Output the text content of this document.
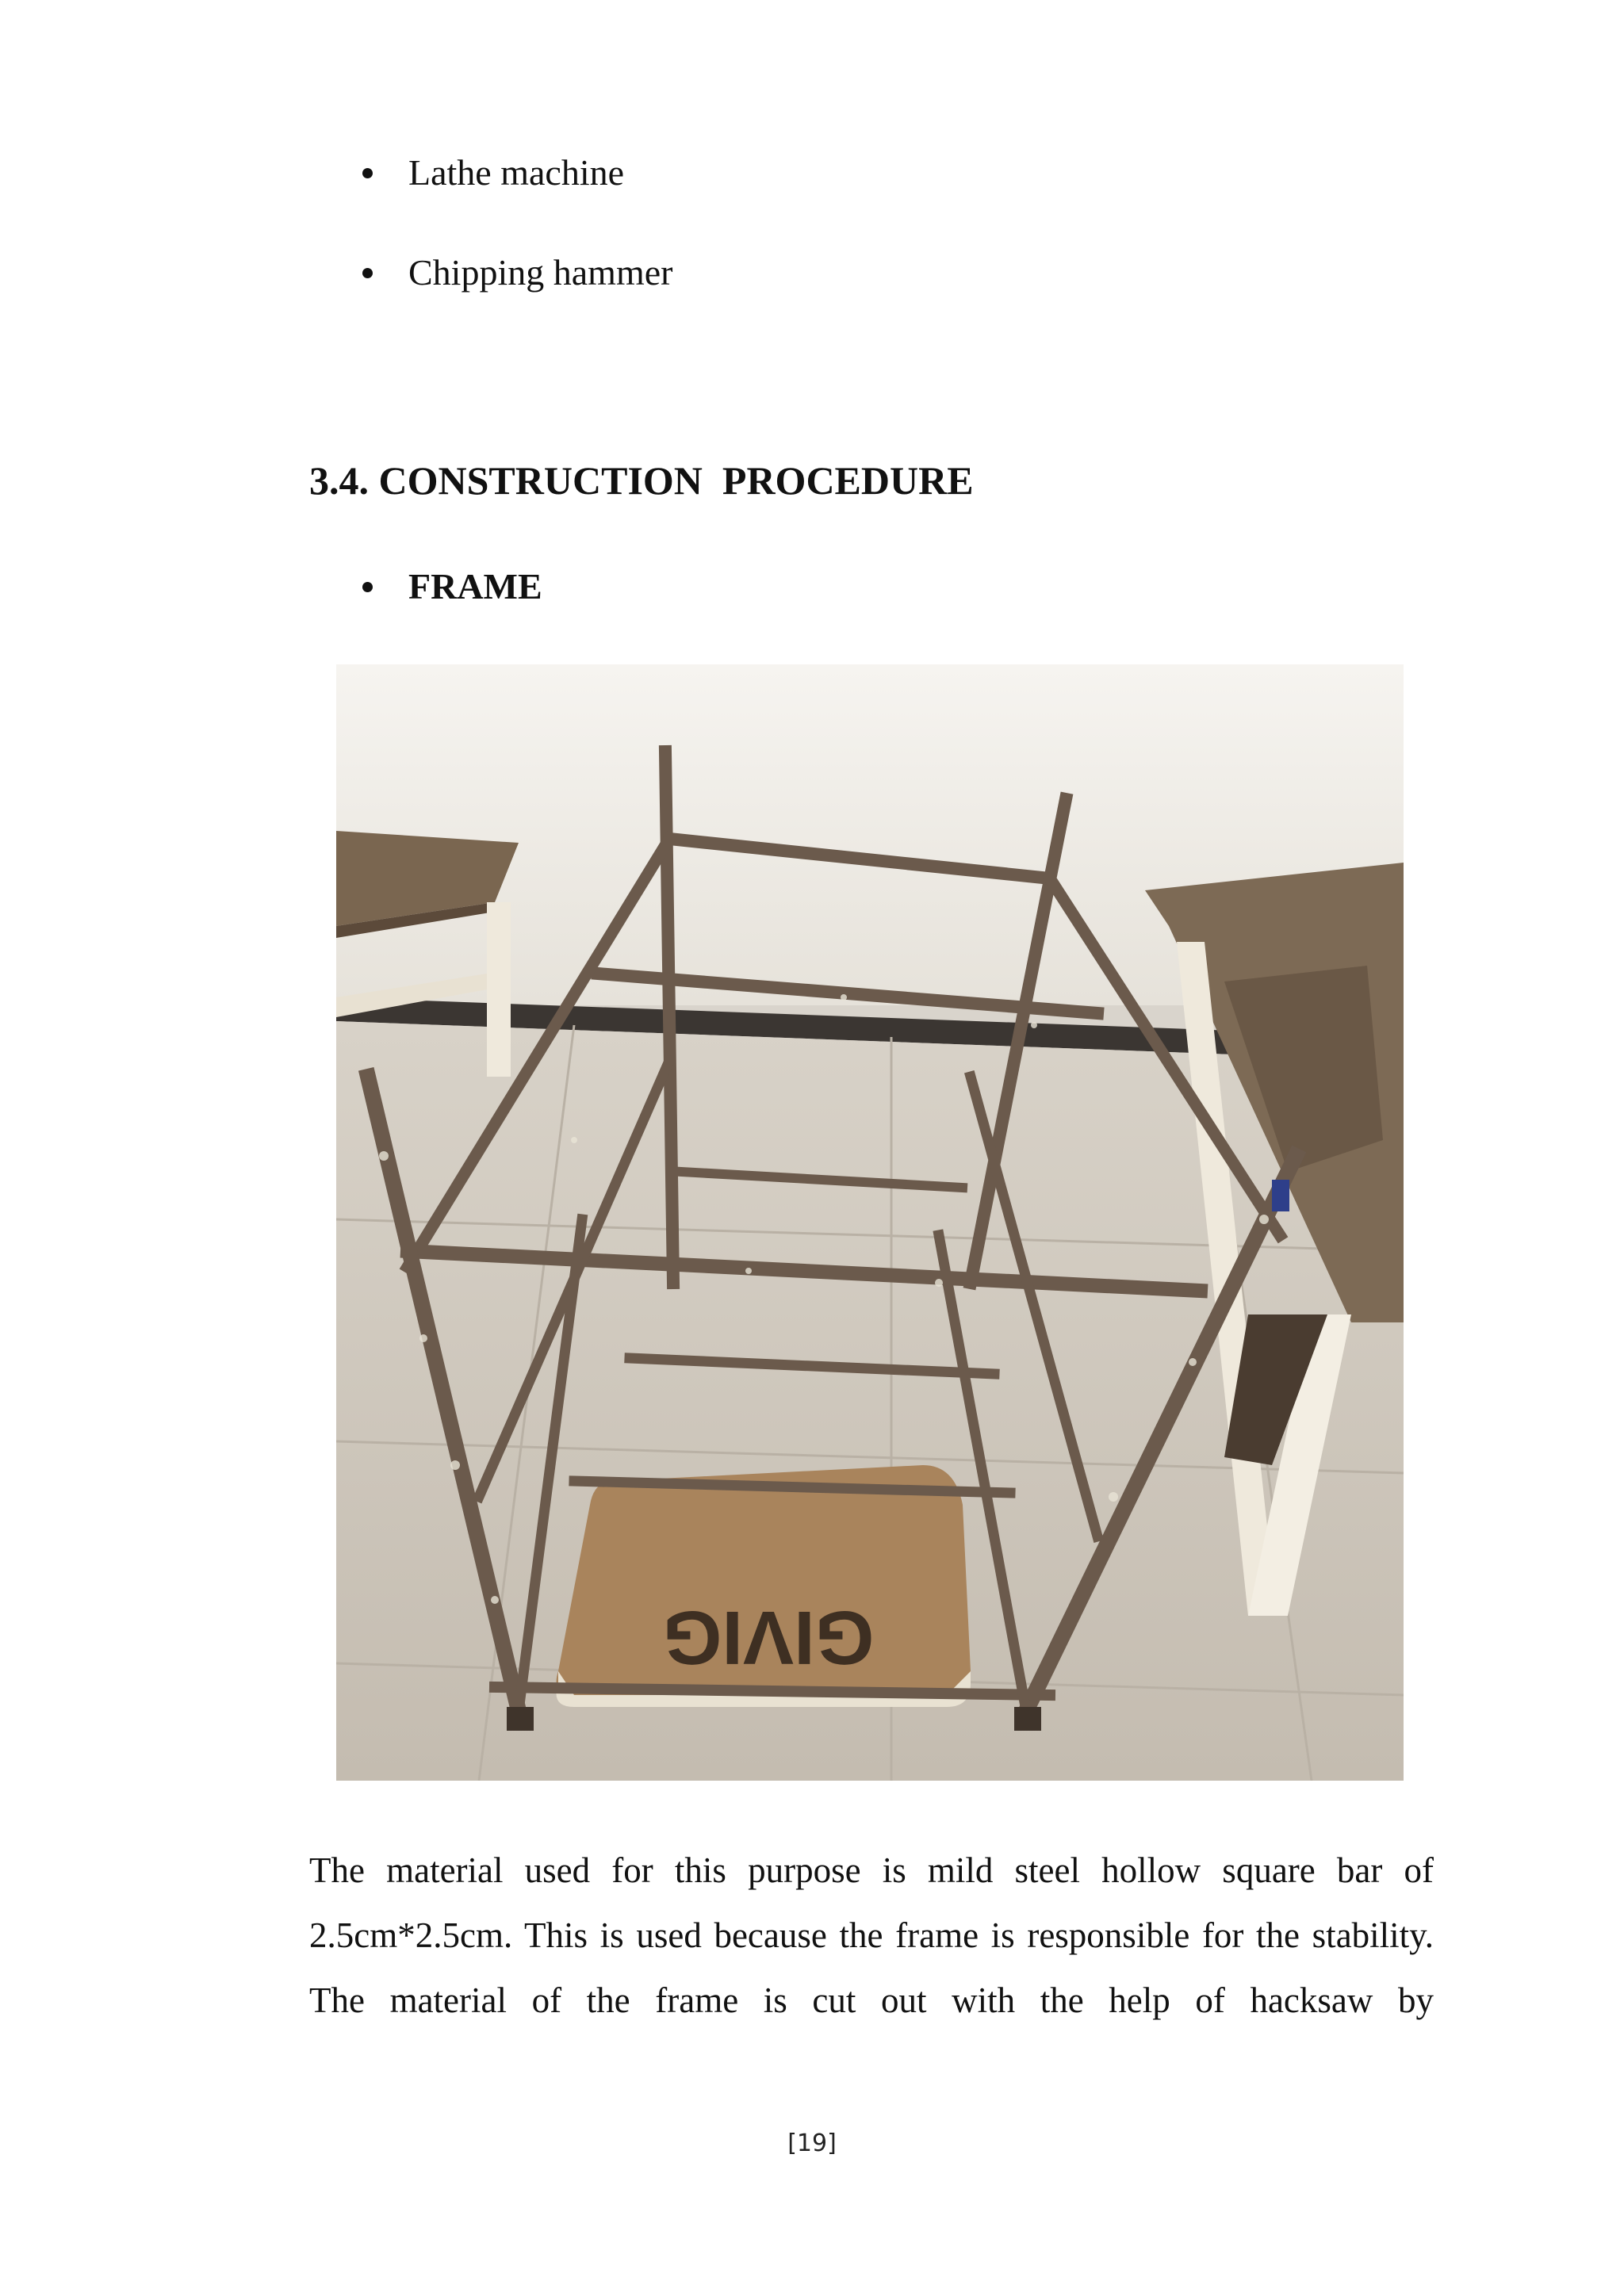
Lathe machine
Chipping hammer
3.4. CONSTRUCTION  PROCEDURE
FRAME
GIVIG

The material used for this purpose is mild steel hollow square bar of 2.5cm*2.5cm. This is used because the frame is responsible for the stability. The material of the frame is cut out with the help of hacksaw by

[19]
